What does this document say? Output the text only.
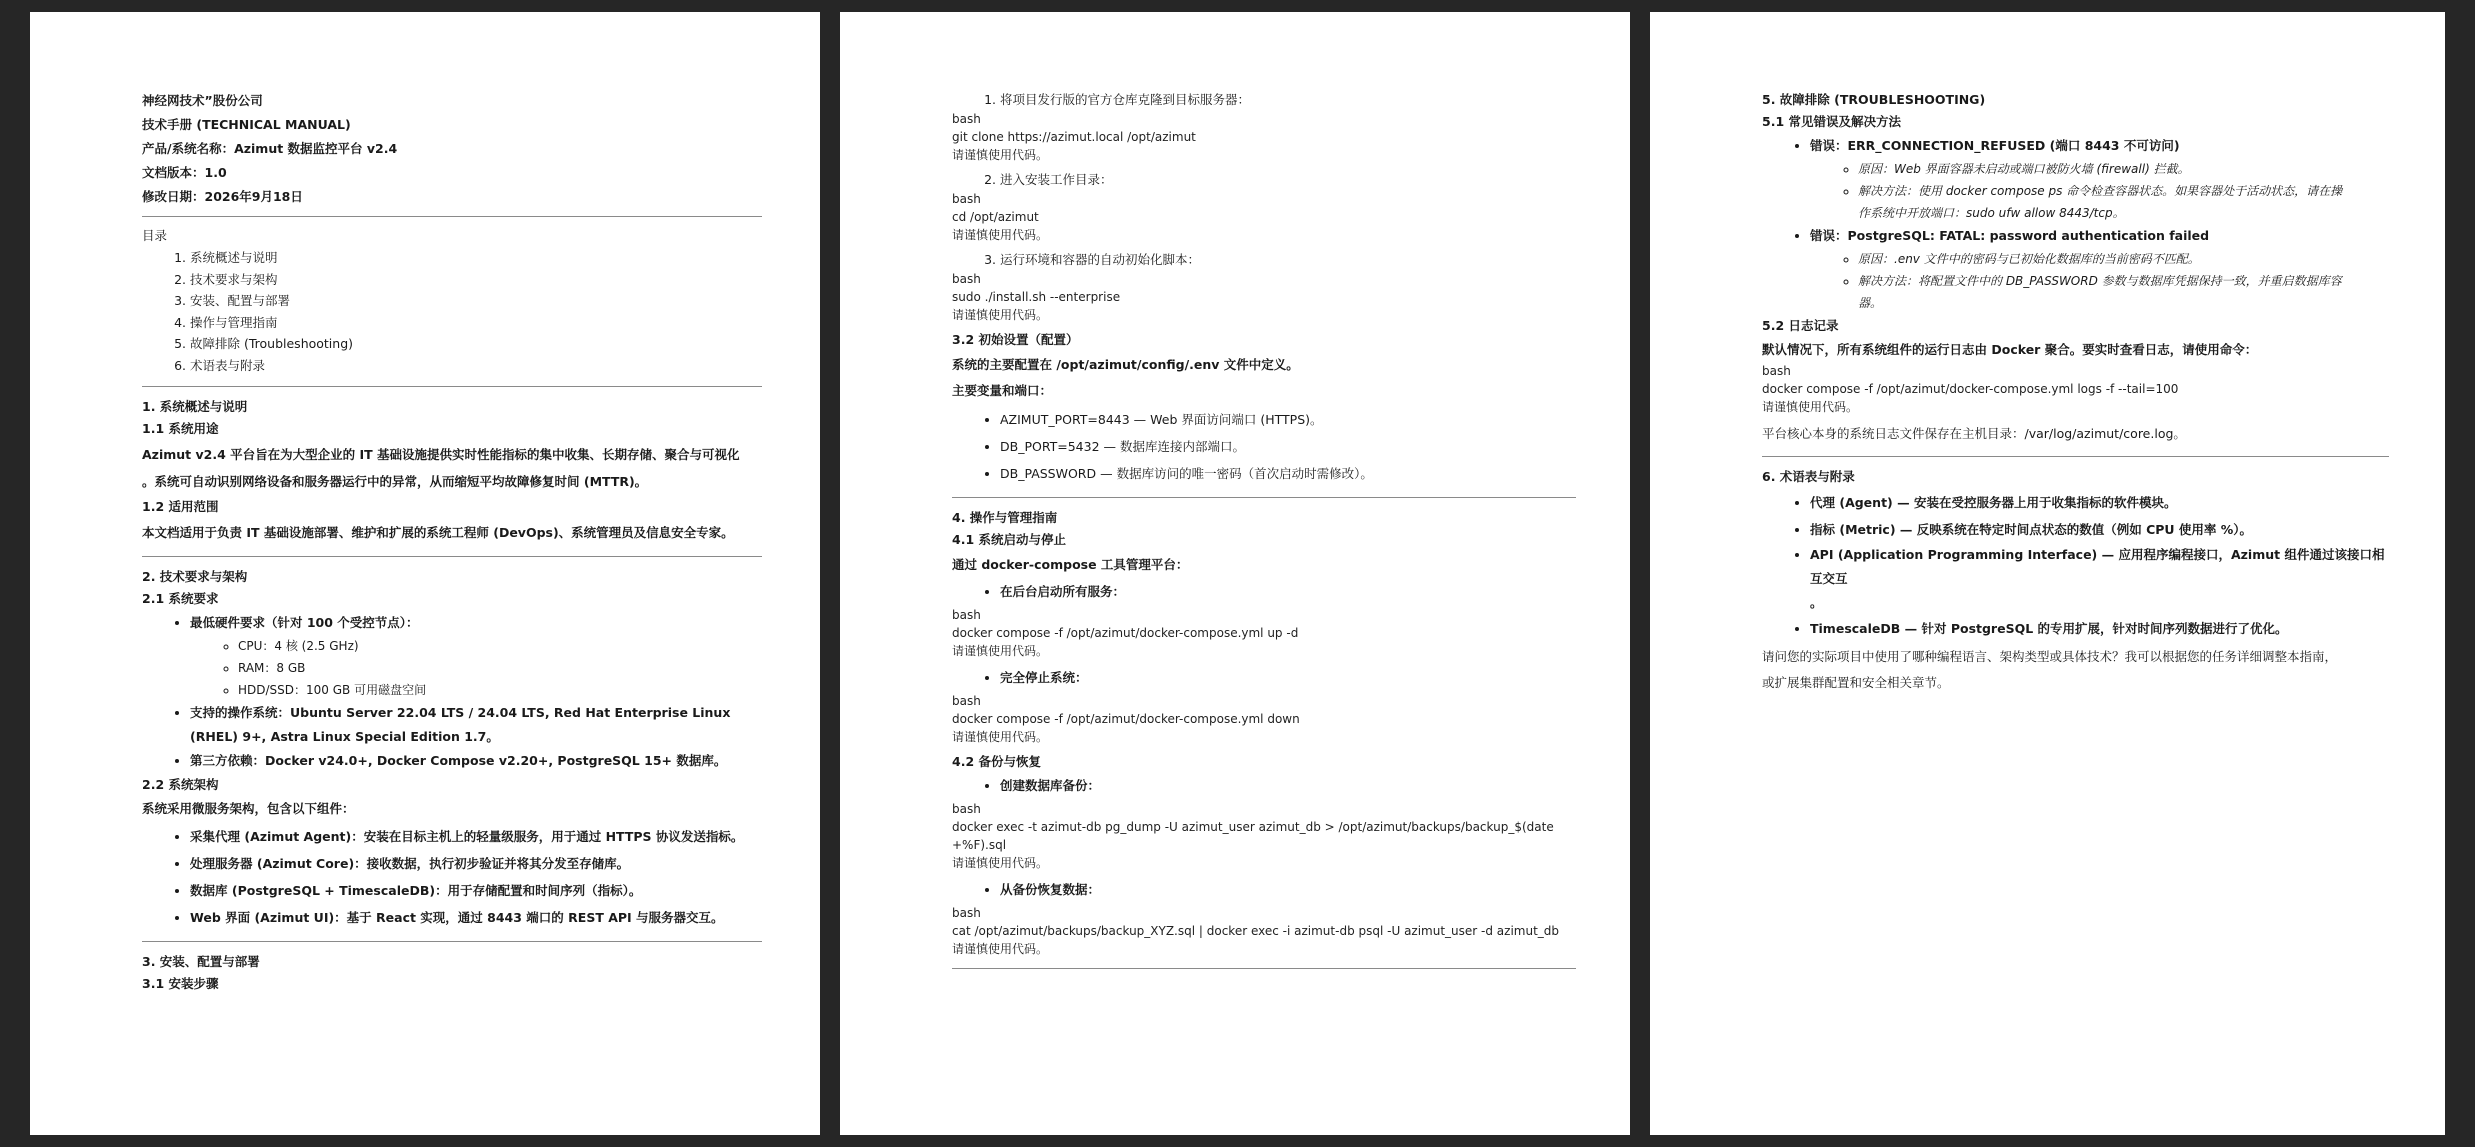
神经网技术”股份公司

技术手册 (TECHNICAL MANUAL)

产品/系统名称：Azimut 数据监控平台 v2.4

文档版本：1.0

修改日期：2026年9月18日

目录

1. 系统概述与说明
2. 技术要求与架构
3. 安装、配置与部署
4. 操作与管理指南
5. 故障排除 (Troubleshooting)
6. 术语表与附录

1. 系统概述与说明

1.1 系统用途

Azimut v2.4 平台旨在为大型企业的 IT 基础设施提供实时性能指标的集中收集、长期存储、聚合与可视化

。系统可自动识别网络设备和服务器运行中的异常，从而缩短平均故障修复时间 (MTTR)。

1.2 适用范围

本文档适用于负责 IT 基础设施部署、维护和扩展的系统工程师 (DevOps)、系统管理员及信息安全专家。

2. 技术要求与架构

2.1 系统要求

• 最低硬件要求（针对 100 个受控节点）：
◦ CPU：4 核 (2.5 GHz)
◦ RAM：8 GB
◦ HDD/SSD：100 GB 可用磁盘空间
• 支持的操作系统：Ubuntu Server 22.04 LTS / 24.04 LTS, Red Hat Enterprise Linux (RHEL) 9+, Astra Linux Special Edition 1.7。
• 第三方依赖：Docker v24.0+, Docker Compose v2.20+, PostgreSQL 15+ 数据库。

2.2 系统架构

系统采用微服务架构，包含以下组件：

• 采集代理 (Azimut Agent)：安装在目标主机上的轻量级服务，用于通过 HTTPS 协议发送指标。
• 处理服务器 (Azimut Core)：接收数据，执行初步验证并将其分发至存储库。
• 数据库 (PostgreSQL + TimescaleDB)：用于存储配置和时间序列（指标）。
• Web 界面 (Azimut UI)：基于 React 实现，通过 8443 端口的 REST API 与服务器交互。

3. 安装、配置与部署

3.1 安装步骤

1. 将项目发行版的官方仓库克隆到目标服务器：
bash
git clone https://azimut.local /opt/azimut
请谨慎使用代码。
2. 进入安装工作目录：
bash
cd /opt/azimut
请谨慎使用代码。
3. 运行环境和容器的自动初始化脚本：
bash
sudo ./install.sh --enterprise
请谨慎使用代码。

3.2 初始设置（配置）

系统的主要配置在 /opt/azimut/config/.env 文件中定义。

主要变量和端口：

• AZIMUT_PORT=8443 — Web 界面访问端口 (HTTPS)。
• DB_PORT=5432 — 数据库连接内部端口。
• DB_PASSWORD — 数据库访问的唯一密码（首次启动时需修改）。

4. 操作与管理指南

4.1 系统启动与停止

通过 docker-compose 工具管理平台：

• 在后台启动所有服务：
bash
docker compose -f /opt/azimut/docker-compose.yml up -d
请谨慎使用代码。
• 完全停止系统：
bash
docker compose -f /opt/azimut/docker-compose.yml down
请谨慎使用代码。

4.2 备份与恢复

• 创建数据库备份：
bash
docker exec -t azimut-db pg_dump -U azimut_user azimut_db > /opt/azimut/backups/backup_$(date
+%F).sql
请谨慎使用代码。
• 从备份恢复数据：
bash
cat /opt/azimut/backups/backup_XYZ.sql | docker exec -i azimut-db psql -U azimut_user -d azimut_db
请谨慎使用代码。

5. 故障排除 (TROUBLESHOOTING)

5.1 常见错误及解决方法

• 错误：ERR_CONNECTION_REFUSED (端口 8443 不可访问)
◦ 原因：Web 界面容器未启动或端口被防火墙 (firewall) 拦截。
◦ 解决方法：使用 docker compose ps 命令检查容器状态。如果容器处于活动状态，请在操
作系统中开放端口：sudo ufw allow 8443/tcp。
• 错误：PostgreSQL: FATAL: password authentication failed
◦ 原因：.env 文件中的密码与已初始化数据库的当前密码不匹配。
◦ 解决方法：将配置文件中的 DB_PASSWORD 参数与数据库凭据保持一致，并重启数据库容
器。

5.2 日志记录

默认情况下，所有系统组件的运行日志由 Docker 聚合。要实时查看日志，请使用命令：

bash
docker compose -f /opt/azimut/docker-compose.yml logs -f --tail=100
请谨慎使用代码。

平台核心本身的系统日志文件保存在主机目录：/var/log/azimut/core.log。

6. 术语表与附录

• 代理 (Agent) — 安装在受控服务器上用于收集指标的软件模块。
• 指标 (Metric) — 反映系统在特定时间点状态的数值（例如 CPU 使用率 %）。
• API (Application Programming Interface) — 应用程序编程接口，Azimut 组件通过该接口相互交互
。
• TimescaleDB — 针对 PostgreSQL 的专用扩展，针对时间序列数据进行了优化。

请问您的实际项目中使用了哪种编程语言、架构类型或具体技术？我可以根据您的任务详细调整本指南，

或扩展集群配置和安全相关章节。
